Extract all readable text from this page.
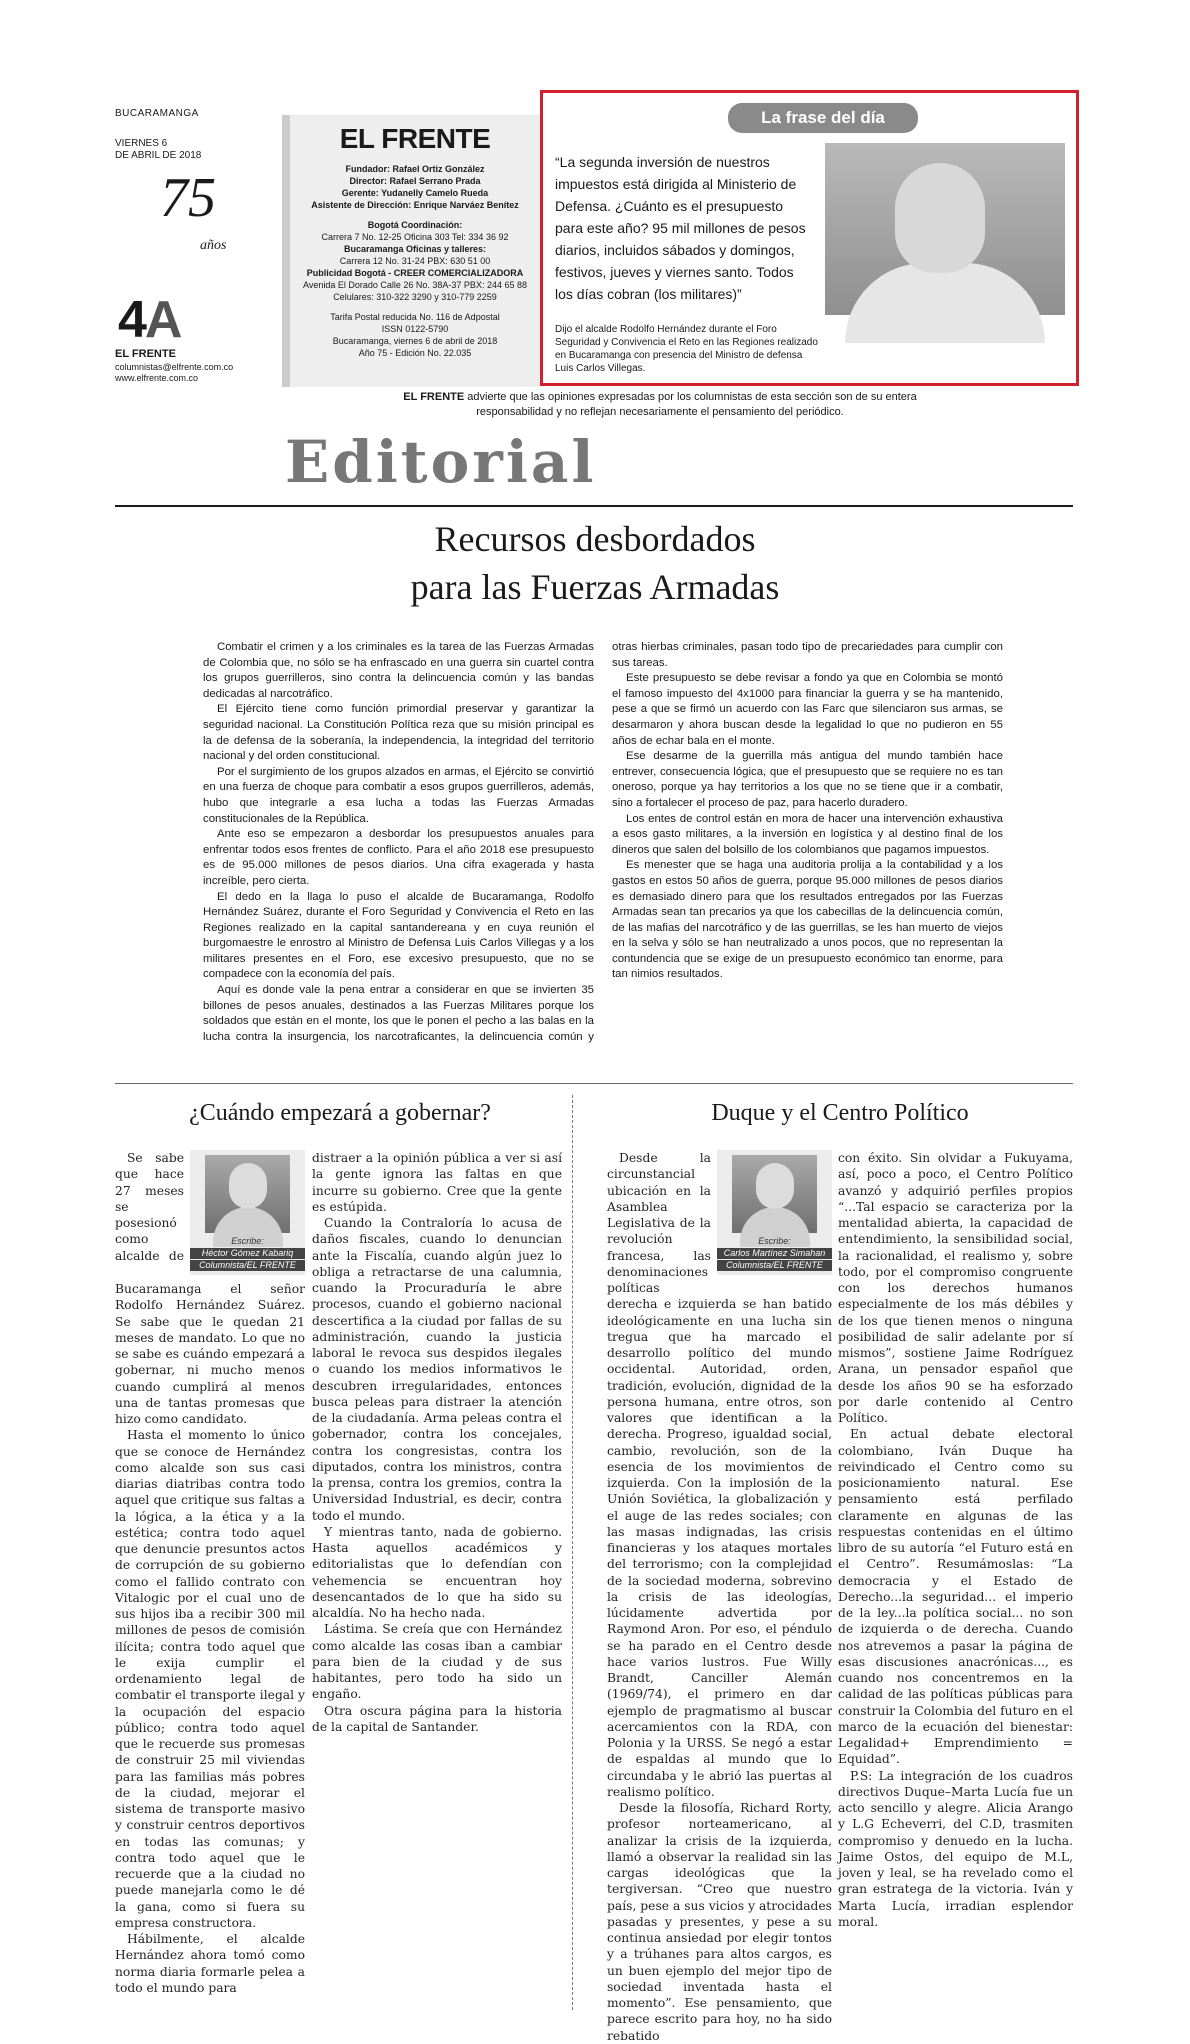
BUCARAMANGA
VIERNES 6
DE ABRIL DE 2018
75
años
4A
EL FRENTE
columnistas@elfrente.com.co
www.elfrente.com.co
EL FRENTE
Fundador: Rafael Ortiz González
Director: Rafael Serrano Prada
Gerente: Yudanelly Camelo Rueda
Asistente de Dirección: Enrique Narváez Benítez
Bogotá Coordinación:
Carrera 7 No. 12-25 Oficina 303 Tel: 334 36 92
Bucaramanga Oficinas y talleres:
Carrera 12 No. 31-24 PBX: 630 51 00
Publicidad Bogotá - CREER COMERCIALIZADORA
Avenida El Dorado Calle 26 No. 38A-37 PBX: 244 65 88
Celulares: 310-322 3290 y 310-779 2259
Tarifa Postal reducida No. 116 de Adpostal
ISSN 0122-5790
Bucaramanga, viernes 6 de abril de 2018
Año 75 - Edición No. 22.035
La frase del día
“La segunda inversión de nuestros impuestos está dirigida al Ministerio de Defensa. ¿Cuánto es el presupuesto para este año? 95 mil millones de pesos diarios, incluidos sábados y domingos, festivos, jueves y viernes santo. Todos los días cobran (los militares)”
Dijo el alcalde Rodolfo Hernández durante el Foro Seguridad y Convivencia el Reto en las Regiones realizado en Bucaramanga con presencia del Ministro de defensa Luis Carlos Villegas.
EL FRENTE advierte que las opiniones expresadas por los columnistas de esta sección son de su entera responsabilidad y no reflejan necesariamente el pensamiento del periódico.
Editorial
Recursos desbordados
para las Fuerzas Armadas

Combatir el crimen y a los criminales es la tarea de las Fuerzas Armadas de Colombia que, no sólo se ha enfrascado en una guerra sin cuartel contra los grupos guerrilleros, sino contra la delincuencia común y las bandas dedicadas al narcotráfico.

El Ejército tiene como función primordial preservar y garantizar la seguridad nacional. La Constitución Política reza que su misión principal es la de defensa de la soberanía, la independencia, la integridad del territorio nacional y del orden constitucional.

Por el surgimiento de los grupos alzados en armas, el Ejército se convirtió en una fuerza de choque para combatir a esos grupos guerrilleros, además, hubo que integrarle a esa lucha a todas las Fuerzas Armadas constitucionales de la República.

Ante eso se empezaron a desbordar los presupuestos anuales para enfrentar todos esos frentes de conflicto. Para el año 2018 ese presupuesto es de 95.000 millones de pesos diarios. Una cifra exagerada y hasta increíble, pero cierta.

El dedo en la llaga lo puso el alcalde de Bucaramanga, Rodolfo Hernández Suárez, durante el Foro Seguridad y Convivencia el Reto en las Regiones realizado en la capital santandereana y en cuya reunión el burgomaestre le enrostro al Ministro de Defensa Luis Carlos Villegas y a los militares presentes en el Foro, ese excesivo presupuesto, que no se compadece con la economía del país.

Aquí es donde vale la pena entrar a considerar en que se invierten 35 billones de pesos anuales, destinados a las Fuerzas Militares porque los soldados que están en el monte, los que le ponen el pecho a las balas en la lucha contra la insurgencia, los narcotraficantes, la delincuencia común y otras hierbas criminales, pasan todo tipo de precariedades para cumplir con sus tareas.

Este presupuesto se debe revisar a fondo ya que en Colombia se montó el famoso impuesto del 4x1000 para financiar la guerra y se ha mantenido, pese a que se firmó un acuerdo con las Farc que silenciaron sus armas, se desarmaron y ahora buscan desde la legalidad lo que no pudieron en 55 años de echar bala en el monte.

Ese desarme de la guerrilla más antigua del mundo también hace entrever, consecuencia lógica, que el presupuesto que se requiere no es tan oneroso, porque ya hay territorios a los que no se tiene que ir a combatir, sino a fortalecer el proceso de paz, para hacerlo duradero.

Los entes de control están en mora de hacer una intervención exhaustiva a esos gasto militares, a la inversión en logística y al destino final de los dineros que salen del bolsillo de los colombianos que pagamos impuestos.

Es menester que se haga una auditoria prolija a la contabilidad y a los gastos en estos 50 años de guerra, porque 95.000 millones de pesos diarios es demasiado dinero para que los resultados entregados por las Fuerzas Armadas sean tan precarios ya que los cabecillas de la delincuencia común, de las mafias del narcotráfico y de las guerrillas, se les han muerto de viejos en la selva y sólo se han neutralizado a unos pocos, que no representan la contundencia que se exige de un presupuesto económico tan enorme, para tan nimios resultados.

¿Cuándo empezará a gobernar?
Escribe:
Héctor Gómez Kabariq
Columnista/EL FRENTE

Se sabe que hace 27 meses se posesionó como alcalde de Bucaramanga el señor Rodolfo Hernández Suárez. Se sabe que le quedan 21 meses de mandato. Lo que no se sabe es cuándo empezará a gobernar, ni mucho menos cuando cumplirá al menos una de tantas promesas que hizo como candidato.

Hasta el momento lo único que se conoce de Hernández como alcalde son sus casi diarias diatribas contra todo aquel que critique sus faltas a la lógica, a la ética y a la estética; contra todo aquel que denuncie presuntos actos de corrupción de su gobierno como el fallido contrato con Vitalogic por el cual uno de sus hijos iba a recibir 300 mil millones de pesos de comisión ilícita; contra todo aquel que le exija cumplir el ordenamiento legal de combatir el transporte ilegal y la ocupación del espacio público; contra todo aquel que le recuerde sus promesas de construir 25 mil viviendas para las familias más pobres de la ciudad, mejorar el sistema de transporte masivo y construir centros deportivos en todas las comunas; y contra todo aquel que le recuerde que a la ciudad no puede manejarla como le dé la gana, como si fuera su empresa constructora.

Hábilmente, el alcalde Hernández ahora tomó como norma diaria formarle pelea a todo el mundo para

distraer a la opinión pública a ver si así la gente ignora las faltas en que incurre su gobierno. Cree que la gente es estúpida.

Cuando la Contraloría lo acusa de daños fiscales, cuando lo denuncian ante la Fiscalía, cuando algún juez lo obliga a retractarse de una calumnia, cuando la Procuraduría le abre procesos, cuando el gobierno nacional descertifica a la ciudad por fallas de su administración, cuando la justicia laboral le revoca sus despidos ilegales o cuando los medios informativos le descubren irregularidades, entonces busca peleas para distraer la atención de la ciudadanía. Arma peleas contra el gobernador, contra los concejales, contra los congresistas, contra los diputados, contra los ministros, contra la prensa, contra los gremios, contra la Universidad Industrial, es decir, contra todo el mundo.

Y mientras tanto, nada de gobierno. Hasta aquellos académicos y editorialistas que lo defendían con vehemencia se encuentran hoy desencantados de lo que ha sido su alcaldía. No ha hecho nada.

Lástima. Se creía que con Hernández como alcalde las cosas iban a cambiar para bien de la ciudad y de sus habitantes, pero todo ha sido un engaño.

Otra oscura página para la historia de la capital de Santander.

Duque y el Centro Político
Escribe:
Carlos Martínez Simahan
Columnista/EL FRENTE

Desde la circunstancial ubicación en la Asamblea Legislativa de la revolución francesa, las denominaciones políticas derecha e izquierda se han batido ideológicamente en una lucha sin tregua que ha marcado el desarrollo político del mundo occidental. Autoridad, orden, tradición, evolución, dignidad de la persona humana, entre otros, son valores que identifican a la derecha. Progreso, igualdad social, cambio, revolución, son de la esencia de los movimientos de izquierda. Con la implosión de la Unión Soviética, la globalización y el auge de las redes sociales; con las masas indignadas, las crisis financieras y los ataques mortales del terrorismo; con la complejidad de la sociedad moderna, sobrevino la crisis de las ideologías, lúcidamente advertida por Raymond Aron. Por eso, el péndulo se ha parado en el Centro desde hace varios lustros. Fue Willy Brandt, Canciller Alemán (1969/74), el primero en dar ejemplo de pragmatismo al buscar acercamientos con la RDA, con Polonia y la URSS. Se negó a estar de espaldas al mundo que lo circundaba y le abrió las puertas al realismo político.

Desde la filosofía, Richard Rorty, profesor norteamericano, al analizar la crisis de la izquierda, llamó a observar la realidad sin las cargas ideológicas que la tergiversan. “Creo que nuestro país, pese a sus vicios y atrocidades pasadas y presentes, y pese a su continua ansiedad por elegir tontos y a trúhanes para altos cargos, es un buen ejemplo del mejor tipo de sociedad inventada hasta el momento”. Ese pensamiento, que parece escrito para hoy, no ha sido rebatido

con éxito. Sin olvidar a Fukuyama, así, poco a poco, el Centro Político avanzó y adquirió perfiles propios “...Tal espacio se caracteriza por la mentalidad abierta, la capacidad de entendimiento, la sensibilidad social, la racionalidad, el realismo y, sobre todo, por el compromiso congruente con los derechos humanos especialmente de los más débiles y de los que tienen menos o ninguna posibilidad de salir adelante por sí mismos”, sostiene Jaime Rodríguez Arana, un pensador español que desde los años 90 se ha esforzado por darle contenido al Centro Político.

En actual debate electoral colombiano, Iván Duque ha reivindicado el Centro como su posicionamiento natural. Ese pensamiento está perfilado claramente en algunas de las respuestas contenidas en el último libro de su autoría “el Futuro está en el Centro”. Resumámoslas: “La democracia y el Estado de Derecho...la seguridad... el imperio de la ley...la política social... no son de izquierda o de derecha. Cuando nos atrevemos a pasar la página de esas discusiones anacrónicas..., es cuando nos concentremos en la calidad de las políticas públicas para construir la Colombia del futuro en el marco de la ecuación del bienestar: Legalidad+ Emprendimiento = Equidad”.

P.S: La integración de los cuadros directivos Duque–Marta Lucía fue un acto sencillo y alegre. Alicia Arango y L.G Echeverri, del C.D, trasmiten compromiso y denuedo en la lucha. Jaime Ostos, del equipo de M.L, joven y leal, se ha revelado como el gran estratega de la victoria. Iván y Marta Lucía, irradian esplendor moral.
